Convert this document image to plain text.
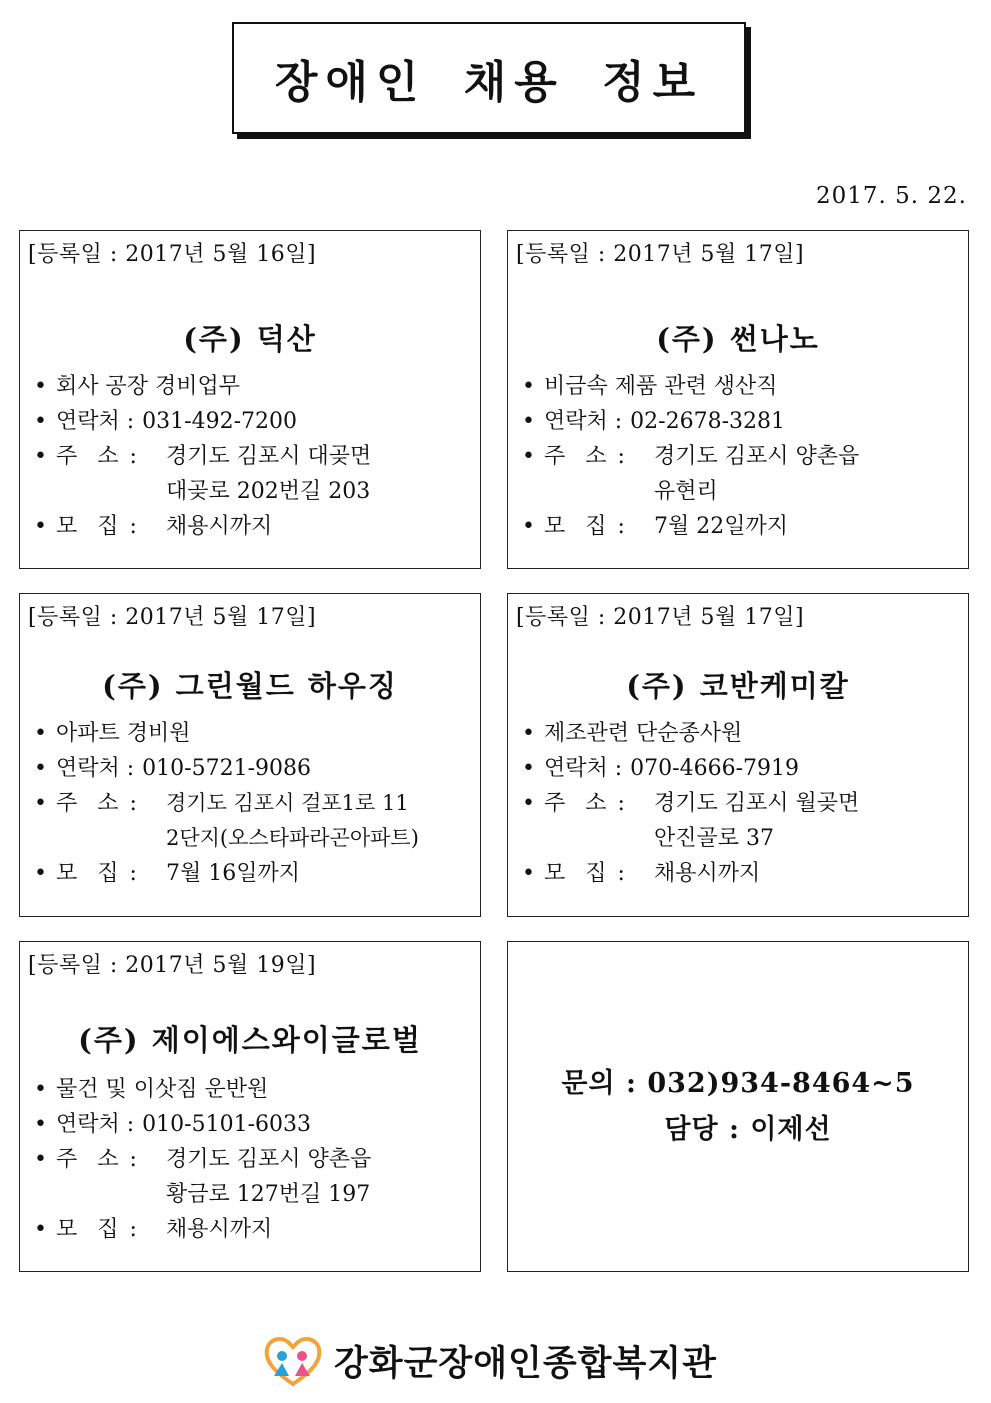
장애인 채용 정보
2017. 5. 22.
[등록일 : 2017년 5월 16일]
(주) 덕산
• 회사 공장 경비업무
• 연락처 : 031-492-7200
• 주  소 : 경기도 김포시 대곶면
대곶로 202번길 203
• 모  집 : 채용시까지
[등록일 : 2017년 5월 17일]
(주) 썬나노
• 비금속 제품 관련 생산직
• 연락처 : 02-2678-3281
• 주  소 : 경기도 김포시 양촌읍
유현리
• 모  집 : 7월 22일까지
[등록일 : 2017년 5월 17일]
(주) 그린월드 하우징
• 아파트 경비원
• 연락처 : 010-5721-9086
• 주  소 : 경기도 김포시 걸포1로 11
2단지(오스타파라곤아파트)
• 모  집 : 7월 16일까지
[등록일 : 2017년 5월 17일]
(주) 코반케미칼
• 제조관련 단순종사원
• 연락처 : 070-4666-7919
• 주  소 : 경기도 김포시 월곶면
안진골로 37
• 모  집 : 채용시까지
[등록일 : 2017년 5월 19일]
(주) 제이에스와이글로벌
• 물건 및 이삿짐 운반원
• 연락처 : 010-5101-6033
• 주  소 : 경기도 김포시 양촌읍
황금로 127번길 197
• 모  집 : 채용시까지
문의 : 032)934-8464~5
담당 : 이제선
강화군장애인종합복지관
